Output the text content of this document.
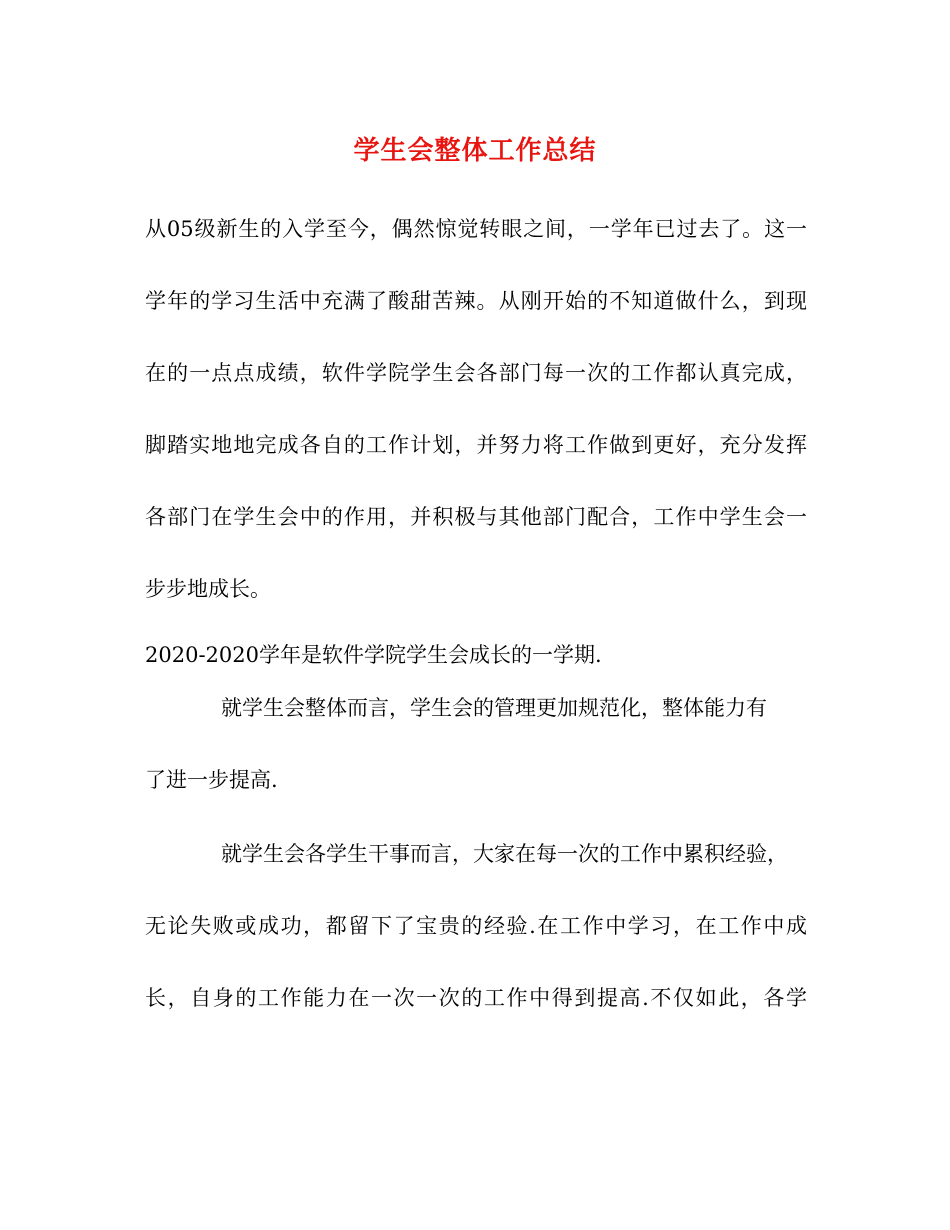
学生会整体工作总结
从05级新生的入学至今，偶然惊觉转眼之间，一学年已过去了。这一
学年的学习生活中充满了酸甜苦辣。从刚开始的不知道做什么，到现
在的一点点成绩，软件学院学生会各部门每一次的工作都认真完成，
脚踏实地地完成各自的工作计划，并努力将工作做到更好，充分发挥
各部门在学生会中的作用，并积极与其他部门配合，工作中学生会一
步步地成长。
2020-2020学年是软件学院学生会成长的一学期.
就学生会整体而言，学生会的管理更加规范化，整体能力有
了进一步提高.
就学生会各学生干事而言，大家在每一次的工作中累积经验，
无论失败或成功，都留下了宝贵的经验.在工作中学习，在工作中成
长，自身的工作能力在一次一次的工作中得到提高.不仅如此，各学
